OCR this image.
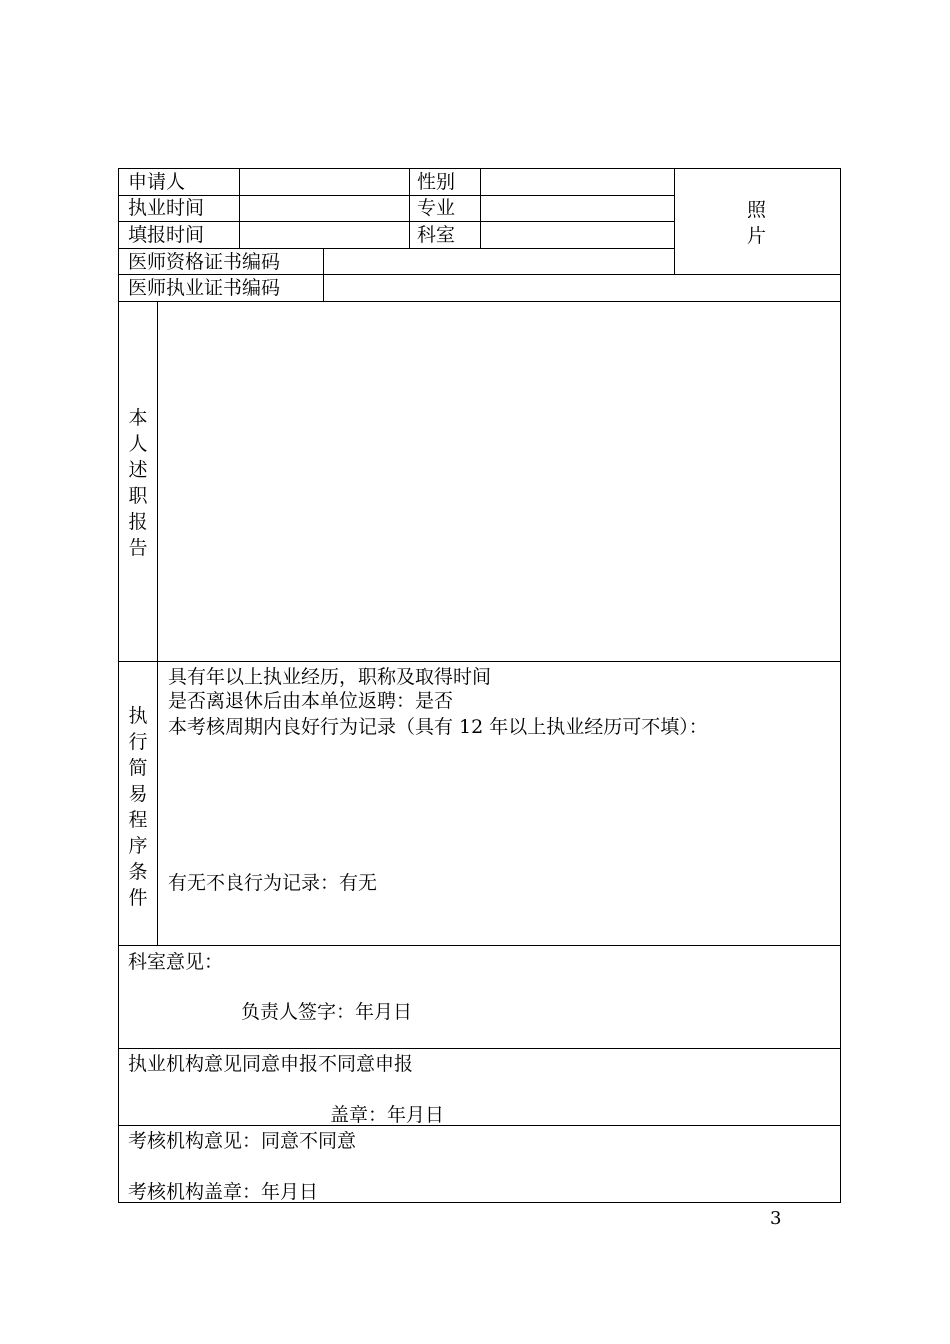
申请人	性别
执业时间	专业
填报时间	科室
医师资格证书编码
医师执业证书编码
照
片
本人述职报告
执行简易程序条件
具有年以上执业经历，职称及取得时间
是否离退休后由本单位返聘：是否
本考核周期内良好行为记录（具有 12 年以上执业经历可不填）：
有无不良行为记录：有无
科室意见：
负责人签字：年月日
执业机构意见同意申报不同意申报
盖章：年月日
考核机构意见：同意不同意
考核机构盖章：年月日
3
